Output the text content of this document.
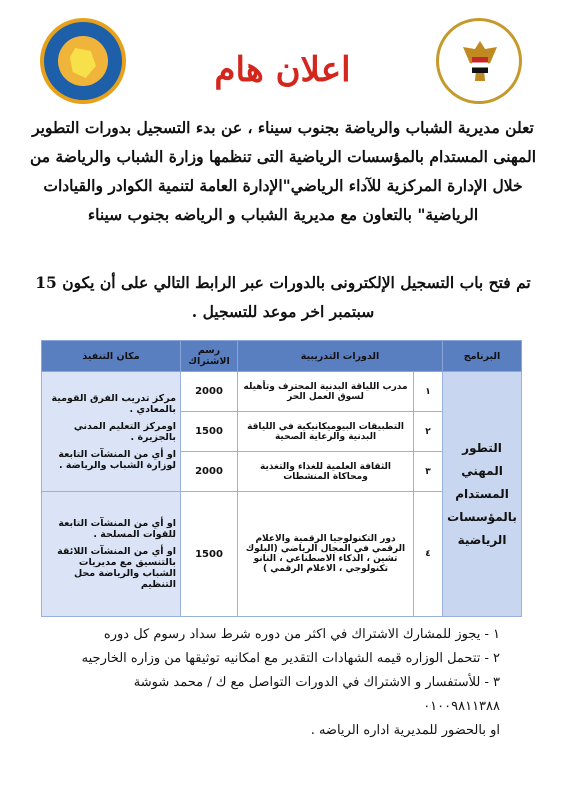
اعلان هام
تعلن مديرية الشباب والرياضة بجنوب سيناء ، عن بدء التسجيل بدورات التطوير المهنى المستدام بالمؤسسات الرياضية التى تنظمها وزارة الشباب والرياضة من خلال الإدارة المركزية للآداء الرياضي"الإدارة العامة لتنمية الكوادر والقيادات الرياضية" بالتعاون مع مديرية الشباب و الرياضه بجنوب سيناء
تم فتح باب التسجيل الإلكترونى بالدورات عبر الرابط التالي على أن يكون 15 سبتمبر اخر موعد للتسجيل .
البرنامج	الدورات التدريبية		رسم الاشتراك	مكان التنفيذ
التطور المهني المستدام بالمؤسسات الرياضية	١	مدرب اللياقة البدنية المحترف وتأهيله لسوق العمل الحر	2000	مركز تدريب الفرق القومية بالمعادي .
اومركز التعليم المدني بالجزيرة .
او أي من المنشآت التابعة لوزارة الشباب والرياضة .

	٢	التطبيقات البيوميكانيكية في اللياقة البدنية والرعاية الصحية	1500	
	٣	الثقافة العلمية للغذاء والتغذية ومحاكاة المنشطات	2000	
	٤	دور التكنولوجيا الرقمية والاعلام الرقمي في المجال الرياضي (البلوك تشين ، الذكاء الاصطناعي ، النانو تكنولوجي ، الاعلام الرقمي )	1500	او أي من المنشآت التابعة للقوات المسلحة .
او أي من المنشآت اللائقة بالتنسيق مع مديريات الشباب والرياضة محل التنظيم
١ - يجوز للمشارك الاشتراك في اكثر من دوره شرط سداد رسوم كل دوره
٢ - تتحمل الوزاره قيمه الشهادات التقدير مع امكانيه توثيقها من وزاره الخارجيه
٣ - للأستفسار و الاشتراك في الدورات التواصل مع ك / محمد شوشة
٠١٠٠٩٨١١٣٨٨
او بالحضور للمديرية اداره الرياضه .
